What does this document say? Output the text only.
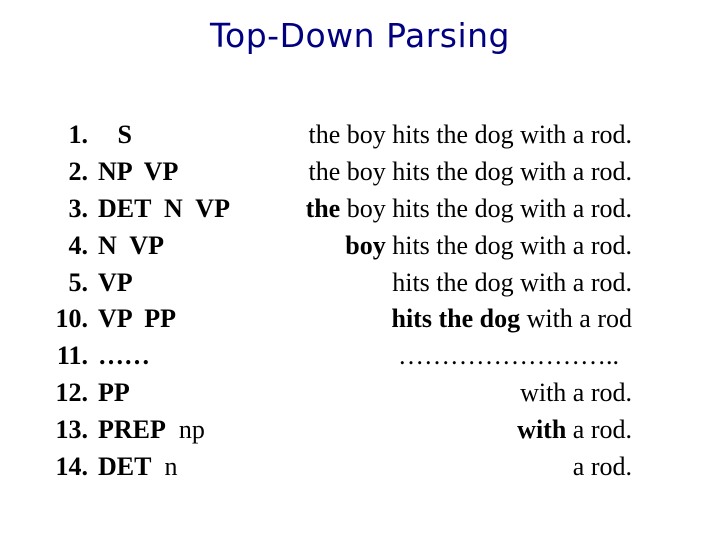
Top-Down Parsing
1. S	the boy hits the dog with a rod.
2. NP  VP	the boy hits the dog with a rod.
3. DET  N  VP	the boy hits the dog with a rod.
4. N  VP	boy hits the dog with a rod.
5. VP	hits the dog with a rod.
10. VP  PP	hits the dog with a rod
11. ……	……………………..
12. PP	with a rod.
13. PREP  np	with a rod.
14. DET  n	a rod.
